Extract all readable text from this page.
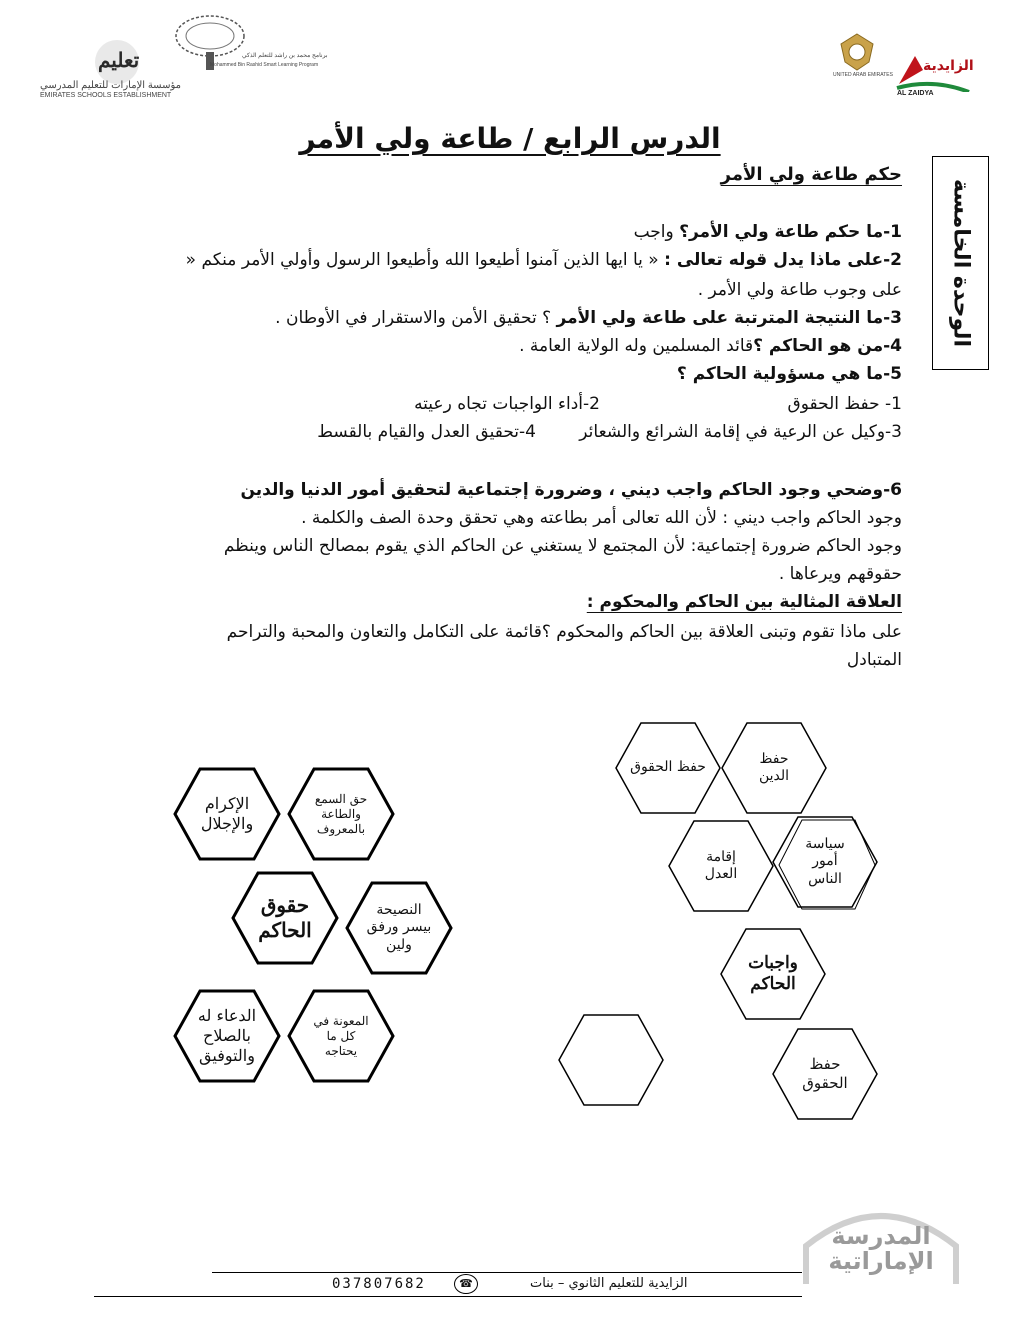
تعليم
مؤسسة الإمارات للتعليم المدرسي
EMIRATES SCHOOLS ESTABLISHMENT
برنامج محمد بن راشد للتعلم الذكي
Mohammed Bin Rashid Smart Learning Program
UNITED ARAB EMIRATES
الزايدية
AL ZAIDYA
الدرس الرابع / طاعة ولي الأمر
الوحدة الخامسة
حكم طاعة ولي الأمر
1-ما حكم طاعة ولي الأمر؟ واجب
2-على ماذا يدل قوله تعالى : « يا ايها الذين آمنوا أطيعوا الله وأطيعوا الرسول وأولي الأمر منكم «
على وجوب طاعة ولي الأمر .
3-ما النتيجة المترتبة على طاعة ولي الأمر ؟ تحقيق الأمن والاستقرار في الأوطان .
4-من هو الحاكم ؟قائد المسلمين وله الولاية العامة .
5-ما هي مسؤولية الحاكم ؟
1- حفظ الحقوق
2-أداء الواجبات تجاه رعيته
3-وكيل عن الرعية في إقامة الشرائع والشعائر
4-تحقيق العدل والقيام بالقسط
6-وضحي وجود الحاكم واجب ديني ، وضرورة إجتماعية لتحقيق أمور الدنيا والدين
وجود الحاكم واجب ديني : لأن الله تعالى أمر بطاعته وهي تحقق وحدة الصف والكلمة .
وجود الحاكم ضرورة إجتماعية: لأن المجتمع لا يستغني عن الحاكم الذي يقوم بمصالح الناس وينظم
حقوقهم ويرعاها .
العلاقة المثالية بين الحاكم والمحكوم :
على ماذا تقوم وتبنى العلاقة بين الحاكم والمحكوم ؟قائمة على التكامل والتعاون والمحبة والتراحم
المتبادل
الإكرام
والإجلال
حق السمع
والطاعة
بالمعروف
حقوق
الحاكم
النصيحة
بيسر ورفق
ولين
الدعاء له
بالصلاح
والتوفيق
المعونة في
كل ما
يحتاجه
حفظ الحقوق
حفظ
الدين
إقامة
العدل
سياسة
أمور
الناس
واجبات
الحاكم
حفظ
الحقوق
المدرسة
الإماراتية
037807682	☎	الزايدية للتعليم الثانوي – بنات
